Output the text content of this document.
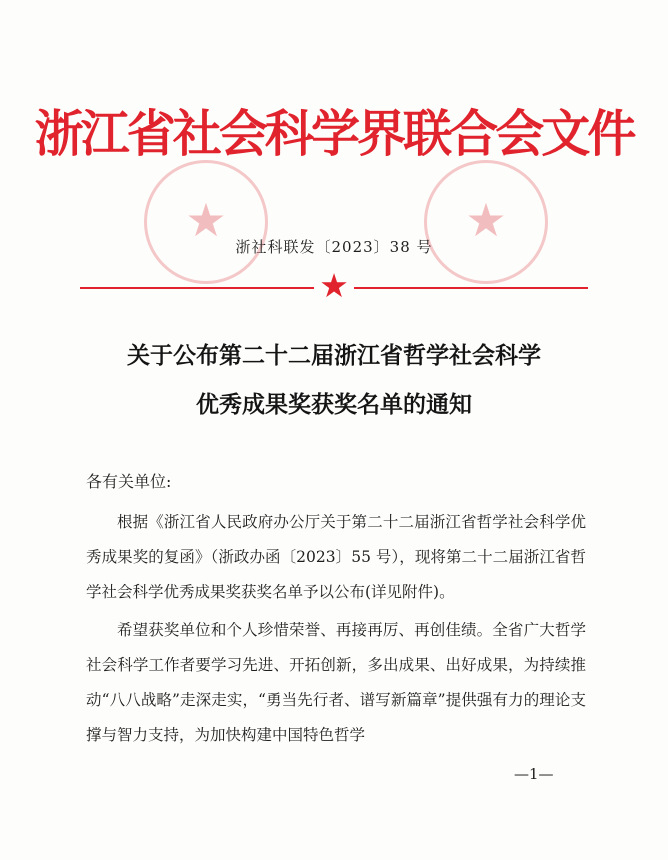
★	★
浙江省社会科学界联合会文件
浙社科联发〔2023〕38 号
★
关于公布第二十二届浙江省哲学社会科学
优秀成果奖获奖名单的通知
各有关单位:

根据《浙江省人民政府办公厅关于第二十二届浙江省哲学社会科学优秀成果奖的复函》（浙政办函〔2023〕55 号），现将第二十二届浙江省哲学社会科学优秀成果奖获奖名单予以公布(详见附件)。

希望获奖单位和个人珍惜荣誉、再接再厉、再创佳绩。全省广大哲学社会科学工作者要学习先进、开拓创新，多出成果、出好成果，为持续推动“八八战略”走深走实，“勇当先行者、谱写新篇章”提供强有力的理论支撑与智力支持，为加快构建中国特色哲学

—1—
